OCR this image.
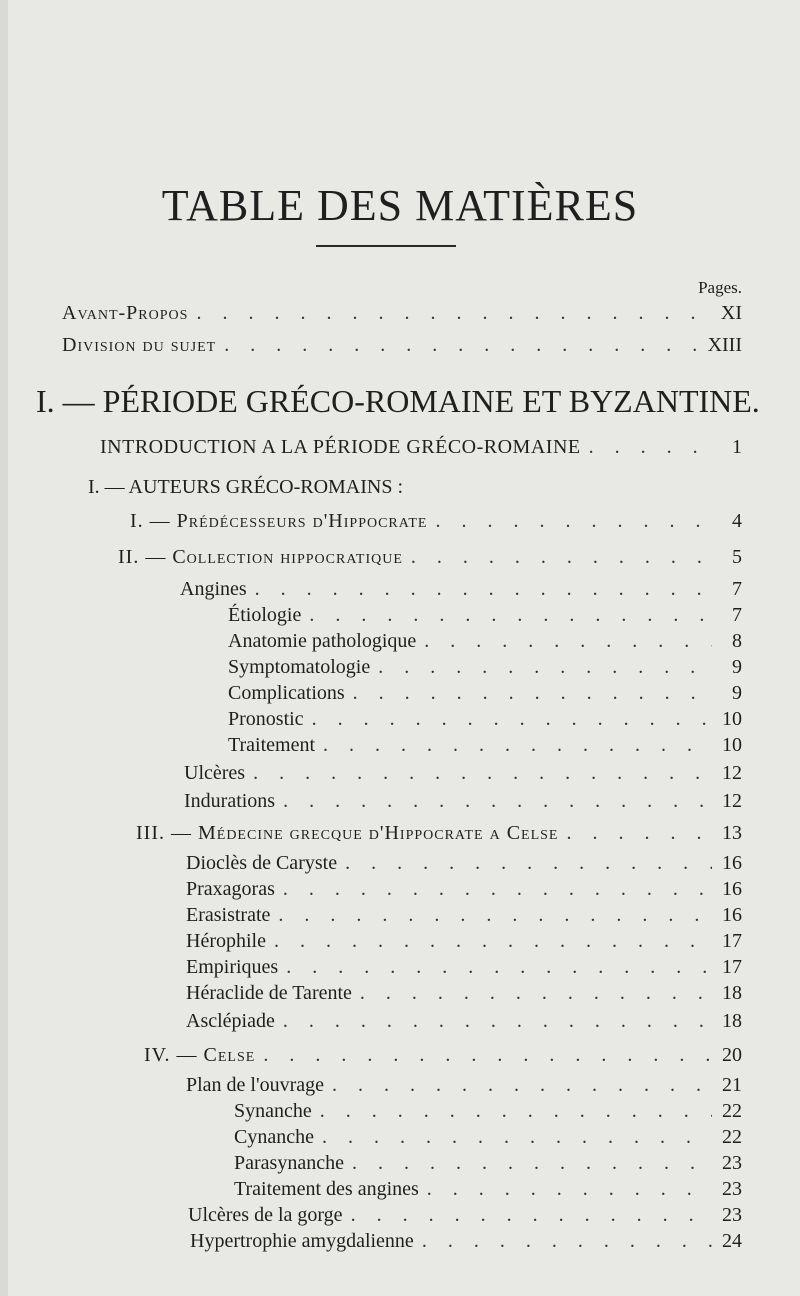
TABLE DES MATIÈRES
Pages.
Avant-Propos . . .	XI
Division du sujet . . .	XIII
I. — PÉRIODE GRÉCO-ROMAINE ET BYZANTINE.
INTRODUCTION A LA PÉRIODE GRÉCO-ROMAINE . . .	1
I. — AUTEURS GRÉCO-ROMAINS :
I. — Prédécesseurs d'Hippocrate . . .	4
II. — Collection hippocratique . . .	5
Angines . . .	7
Étiologie . . .	7
Anatomie pathologique . . .	8
Symptomatologie . . .	9
Complications . . .	9
Pronostic . . .	10
Traitement . . .	10
Ulcères . . .	12
Indurations . . .	12
III. — Médecine grecque d'Hippocrate a Celse . . .	13
Dioclès de Caryste . . .	16
Praxagoras . . .	16
Erasistrate . . .	16
Hérophile . . .	17
Empiriques . . .	17
Héraclide de Tarente . . .	18
Asclépiade . . .	18
IV. — Celse . . .	20
Plan de l'ouvrage . . .	21
Synanche . . .	22
Cynanche . . .	22
Parasynanche . . .	23
Traitement des angines . . .	23
Ulcères de la gorge . . .	23
Hypertrophie amygdalienne . . .	24
